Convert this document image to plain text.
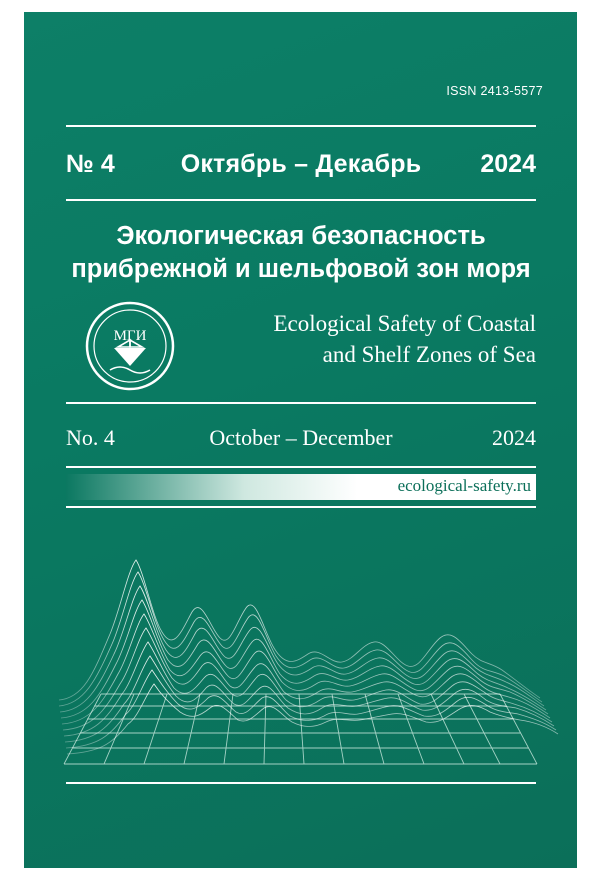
ISSN 2413-5577
№ 4	Октябрь – Декабрь	2024
Экологическая безопасность
прибрежной и шельфовой зон моря
МГИ	Ecological Safety of Coastal
and Shelf Zones of Sea
No. 4	October – December	2024
ecological-safety.ru
